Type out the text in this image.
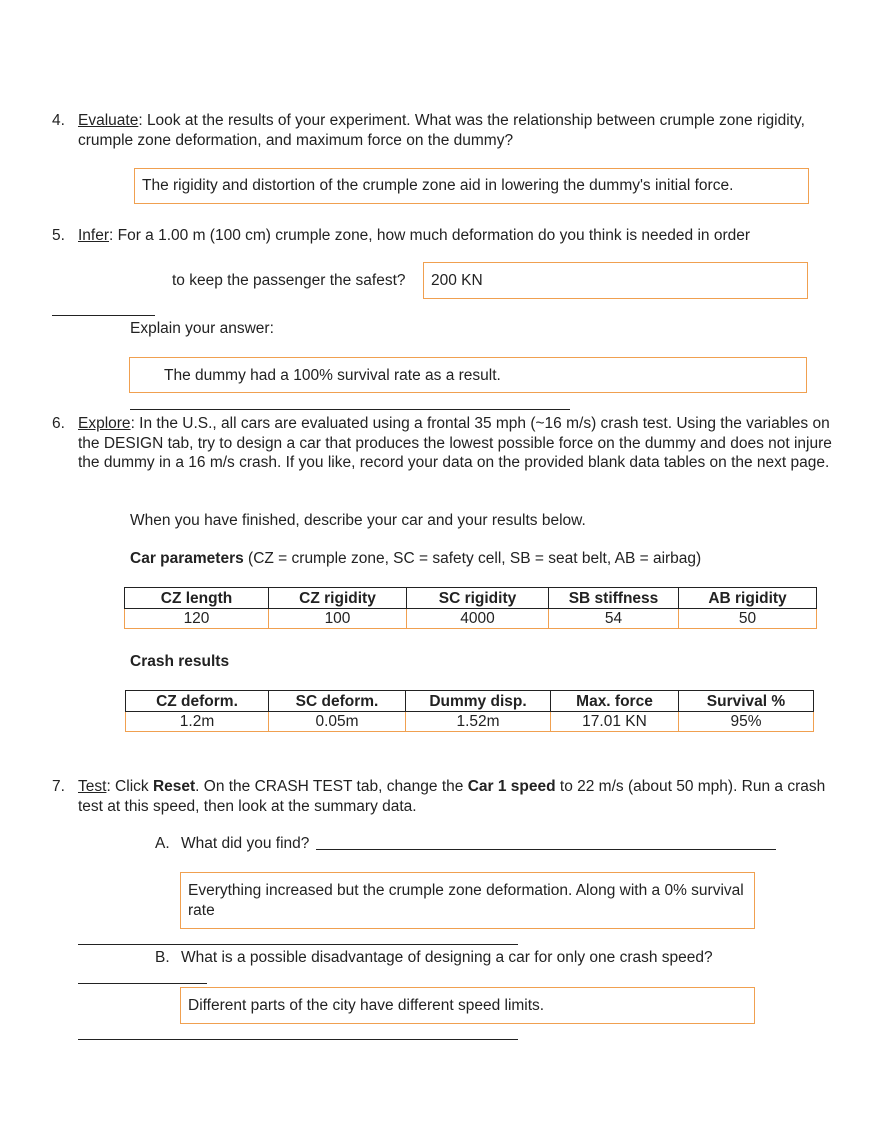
4. Evaluate: Look at the results of your experiment. What was the relationship between crumple zone rigidity, crumple zone deformation, and maximum force on the dummy?
The rigidity and distortion of the crumple zone aid in lowering the dummy's initial force.
5. Infer: For a 1.00 m (100 cm) crumple zone, how much deformation do you think is needed in order
to keep the passenger the safest?	200 KN
Explain your answer:
The dummy had a 100% survival rate as a result.
6. Explore: In the U.S., all cars are evaluated using a frontal 35 mph (~16 m/s) crash test. Using the variables on the DESIGN tab, try to design a car that produces the lowest possible force on the dummy and does not injure the dummy in a 16 m/s crash. If you like, record your data on the provided blank data tables on the next page.
When you have finished, describe your car and your results below.
Car parameters (CZ = crumple zone, SC = safety cell, SB = seat belt, AB = airbag)
CZ length	CZ rigidity	SC rigidity	SB stiffness	AB rigidity
120	100	4000	54	50
Crash results
CZ deform.	SC deform.	Dummy disp.	Max. force	Survival %
1.2m	0.05m	1.52m	17.01 KN	95%
7. Test: Click Reset. On the CRASH TEST tab, change the Car 1 speed to 22 m/s (about 50 mph). Run a crash test at this speed, then look at the summary data.
A. What did you find?
Everything increased but the crumple zone deformation. Along with a 0% survival rate
B. What is a possible disadvantage of designing a car for only one crash speed?
Different parts of the city have different speed limits.
